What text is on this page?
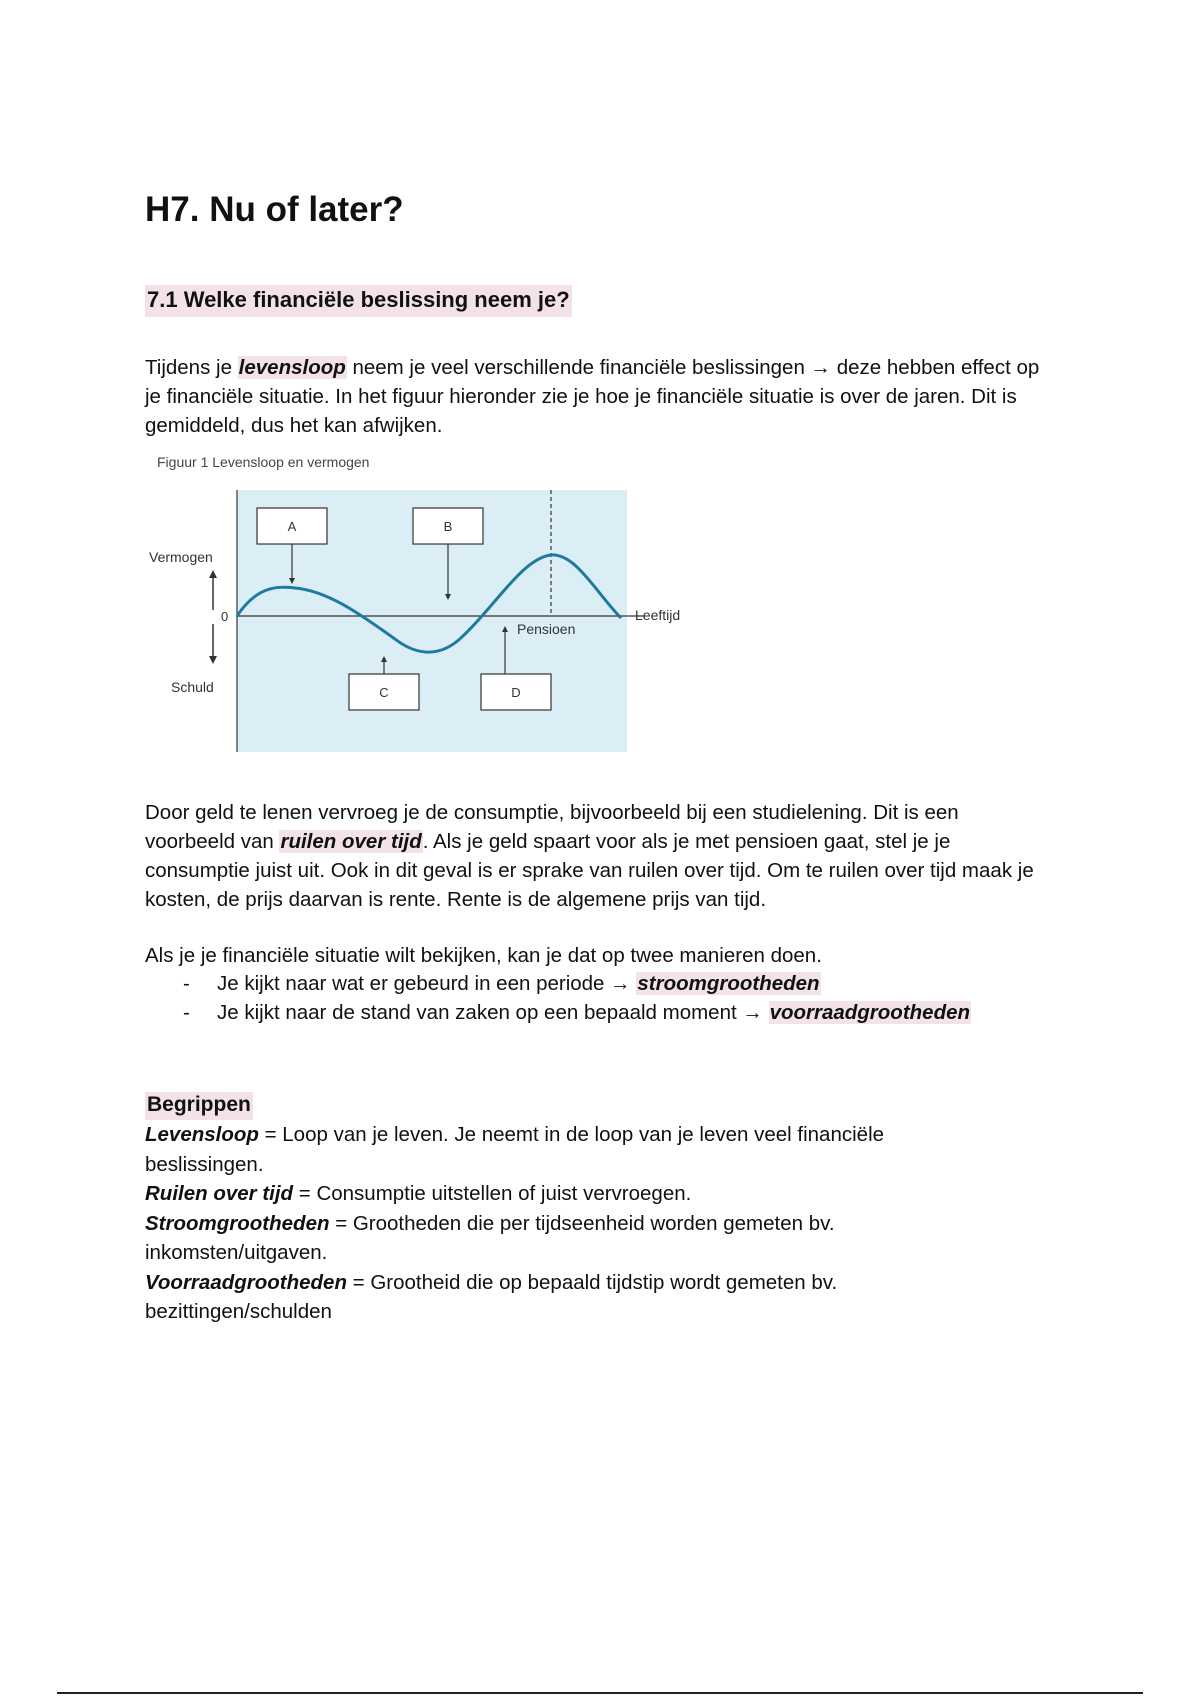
H7. Nu of later?
7.1 Welke financiële beslissing neem je?

Tijdens je levensloop neem je veel verschillende financiële beslissingen → deze hebben effect op je financiële situatie. In het figuur hieronder zie je hoe je financiële situatie is over de jaren. Dit is gemiddeld, dus het kan afwijken.

Figuur 1 Levensloop en vermogen
Vermogen
0
Schuld
Leeftijd
Pensioen
A	B
C	D

Door geld te lenen vervroeg je de consumptie, bijvoorbeeld bij een studielening. Dit is een voorbeeld van ruilen over tijd. Als je geld spaart voor als je met pensioen gaat, stel je je consumptie juist uit. Ook in dit geval is er sprake van ruilen over tijd. Om te ruilen over tijd maak je kosten, de prijs daarvan is rente. Rente is de algemene prijs van tijd.

Als je je financiële situatie wilt bekijken, kan je dat op twee manieren doen.

- Je kijkt naar wat er gebeurd in een periode → stroomgrootheden
- Je kijkt naar de stand van zaken op een bepaald moment → voorraadgrootheden
Begrippen

Levensloop = Loop van je leven. Je neemt in de loop van je leven veel financiële beslissingen.

Ruilen over tijd = Consumptie uitstellen of juist vervroegen.

Stroomgrootheden = Grootheden die per tijdseenheid worden gemeten bv. inkomsten/uitgaven.

Voorraadgrootheden = Grootheid die op bepaald tijdstip wordt gemeten bv. bezittingen/schulden
